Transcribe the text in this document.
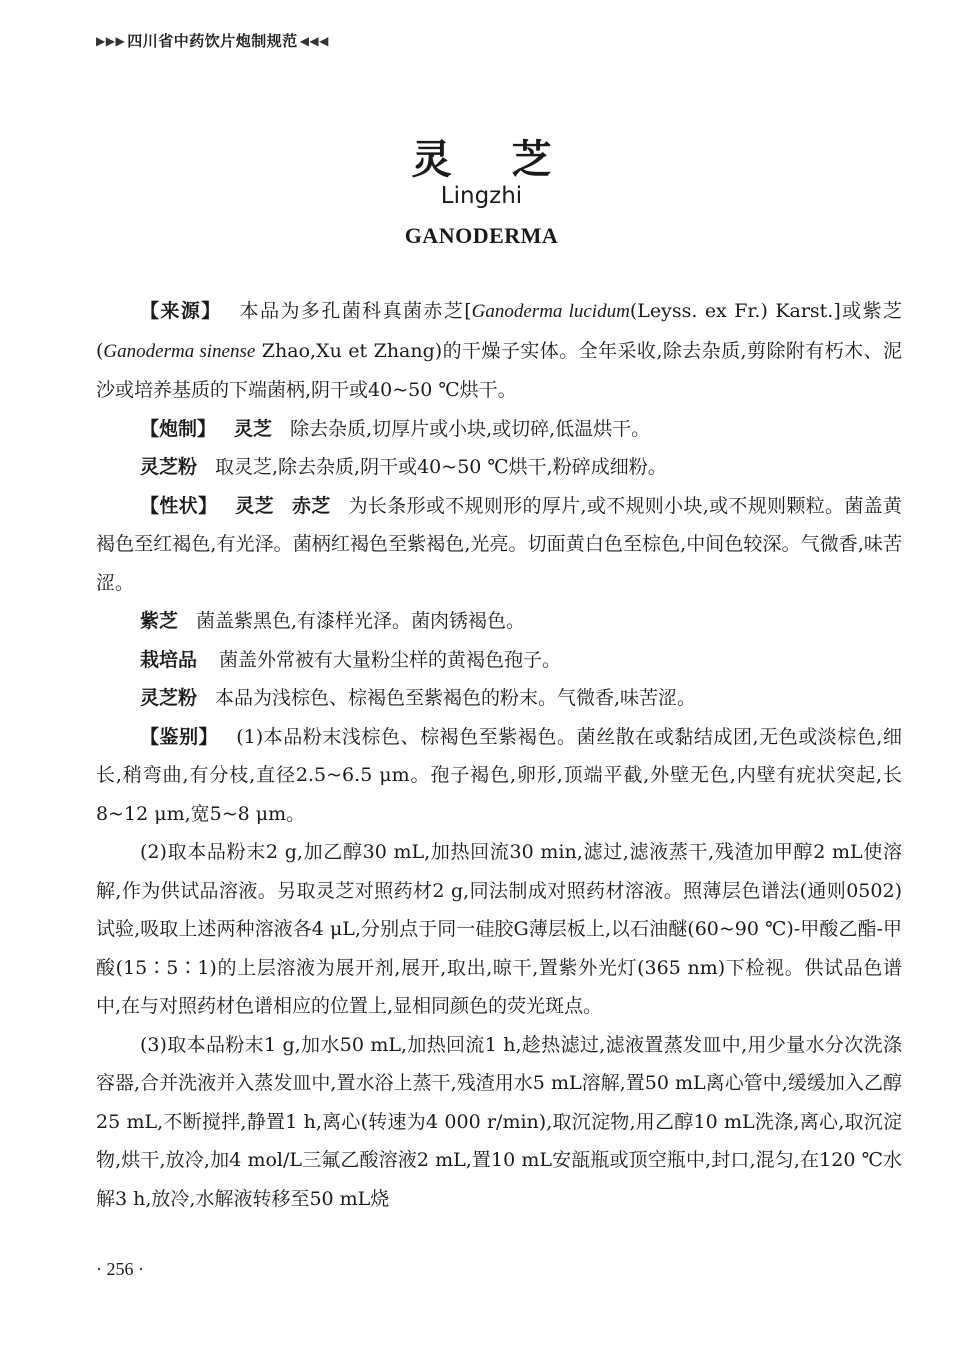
▶▶▶ 四川省中药饮片炮制规范 ◀◀◀
灵芝
Lingzhi
GANODERMA

【来源】 本品为多孔菌科真菌赤芝[Ganoderma lucidum(Leyss. ex Fr.) Karst.]或紫芝(Ganoderma sinense Zhao,Xu et Zhang)的干燥子实体。全年采收,除去杂质,剪除附有朽木、泥沙或培养基质的下端菌柄,阴干或40~50 ℃烘干。

【炮制】 灵芝 除去杂质,切厚片或小块,或切碎,低温烘干。

灵芝粉 取灵芝,除去杂质,阴干或40~50 ℃烘干,粉碎成细粉。

【性状】 灵芝 赤芝 为长条形或不规则形的厚片,或不规则小块,或不规则颗粒。菌盖黄褐色至红褐色,有光泽。菌柄红褐色至紫褐色,光亮。切面黄白色至棕色,中间色较深。气微香,味苦涩。

紫芝 菌盖紫黑色,有漆样光泽。菌肉锈褐色。

栽培品 菌盖外常被有大量粉尘样的黄褐色孢子。

灵芝粉 本品为浅棕色、棕褐色至紫褐色的粉末。气微香,味苦涩。

【鉴别】 (1)本品粉末浅棕色、棕褐色至紫褐色。菌丝散在或黏结成团,无色或淡棕色,细长,稍弯曲,有分枝,直径2.5~6.5 μm。孢子褐色,卵形,顶端平截,外壁无色,内壁有疣状突起,长8~12 μm,宽5~8 μm。

(2)取本品粉末2 g,加乙醇30 mL,加热回流30 min,滤过,滤液蒸干,残渣加甲醇2 mL使溶解,作为供试品溶液。另取灵芝对照药材2 g,同法制成对照药材溶液。照薄层色谱法(通则0502)试验,吸取上述两种溶液各4 μL,分别点于同一硅胶G薄层板上,以石油醚(60~90 ℃)-甲酸乙酯-甲酸(15∶5∶1)的上层溶液为展开剂,展开,取出,晾干,置紫外光灯(365 nm)下检视。供试品色谱中,在与对照药材色谱相应的位置上,显相同颜色的荧光斑点。

(3)取本品粉末1 g,加水50 mL,加热回流1 h,趁热滤过,滤液置蒸发皿中,用少量水分次洗涤容器,合并洗液并入蒸发皿中,置水浴上蒸干,残渣用水5 mL溶解,置50 mL离心管中,缓缓加入乙醇25 mL,不断搅拌,静置1 h,离心(转速为4 000 r/min),取沉淀物,用乙醇10 mL洗涤,离心,取沉淀物,烘干,放冷,加4 mol/L三氟乙酸溶液2 mL,置10 mL安瓿瓶或顶空瓶中,封口,混匀,在120 ℃水解3 h,放冷,水解液转移至50 mL烧

· 256 ·
